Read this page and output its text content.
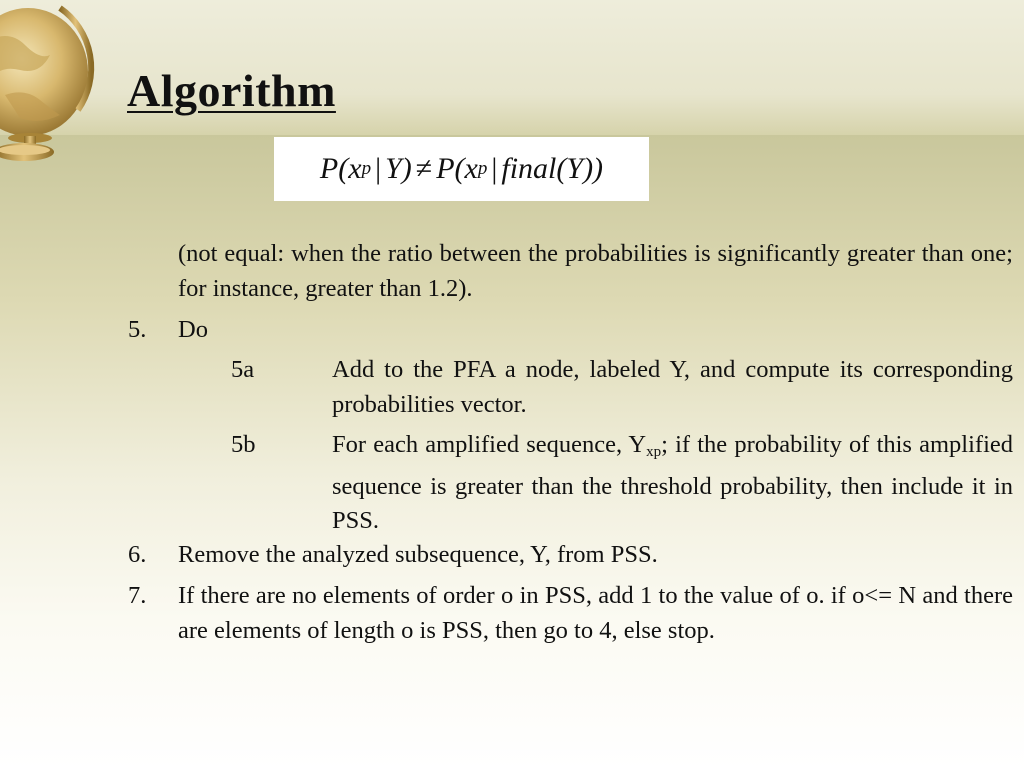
Algorithm
P(x p | Y) ≠ P(x p | final(Y))
(not equal: when the ratio between the probabilities is significantly greater than one; for instance, greater than 1.2).
5. Do
5a	Add to the PFA a node, labeled Y, and compute its corresponding probabilities vector.
5b	For each amplified sequence, $Y_{xp}$; if the probability of this amplified sequence is greater than the threshold probability, then include it in PSS.
6. Remove the analyzed subsequence, Y, from PSS.
7. If there are no elements of order o in PSS, add 1 to the value of o. if o<= N and there are elements of length o is PSS, then go to 4, else stop.
